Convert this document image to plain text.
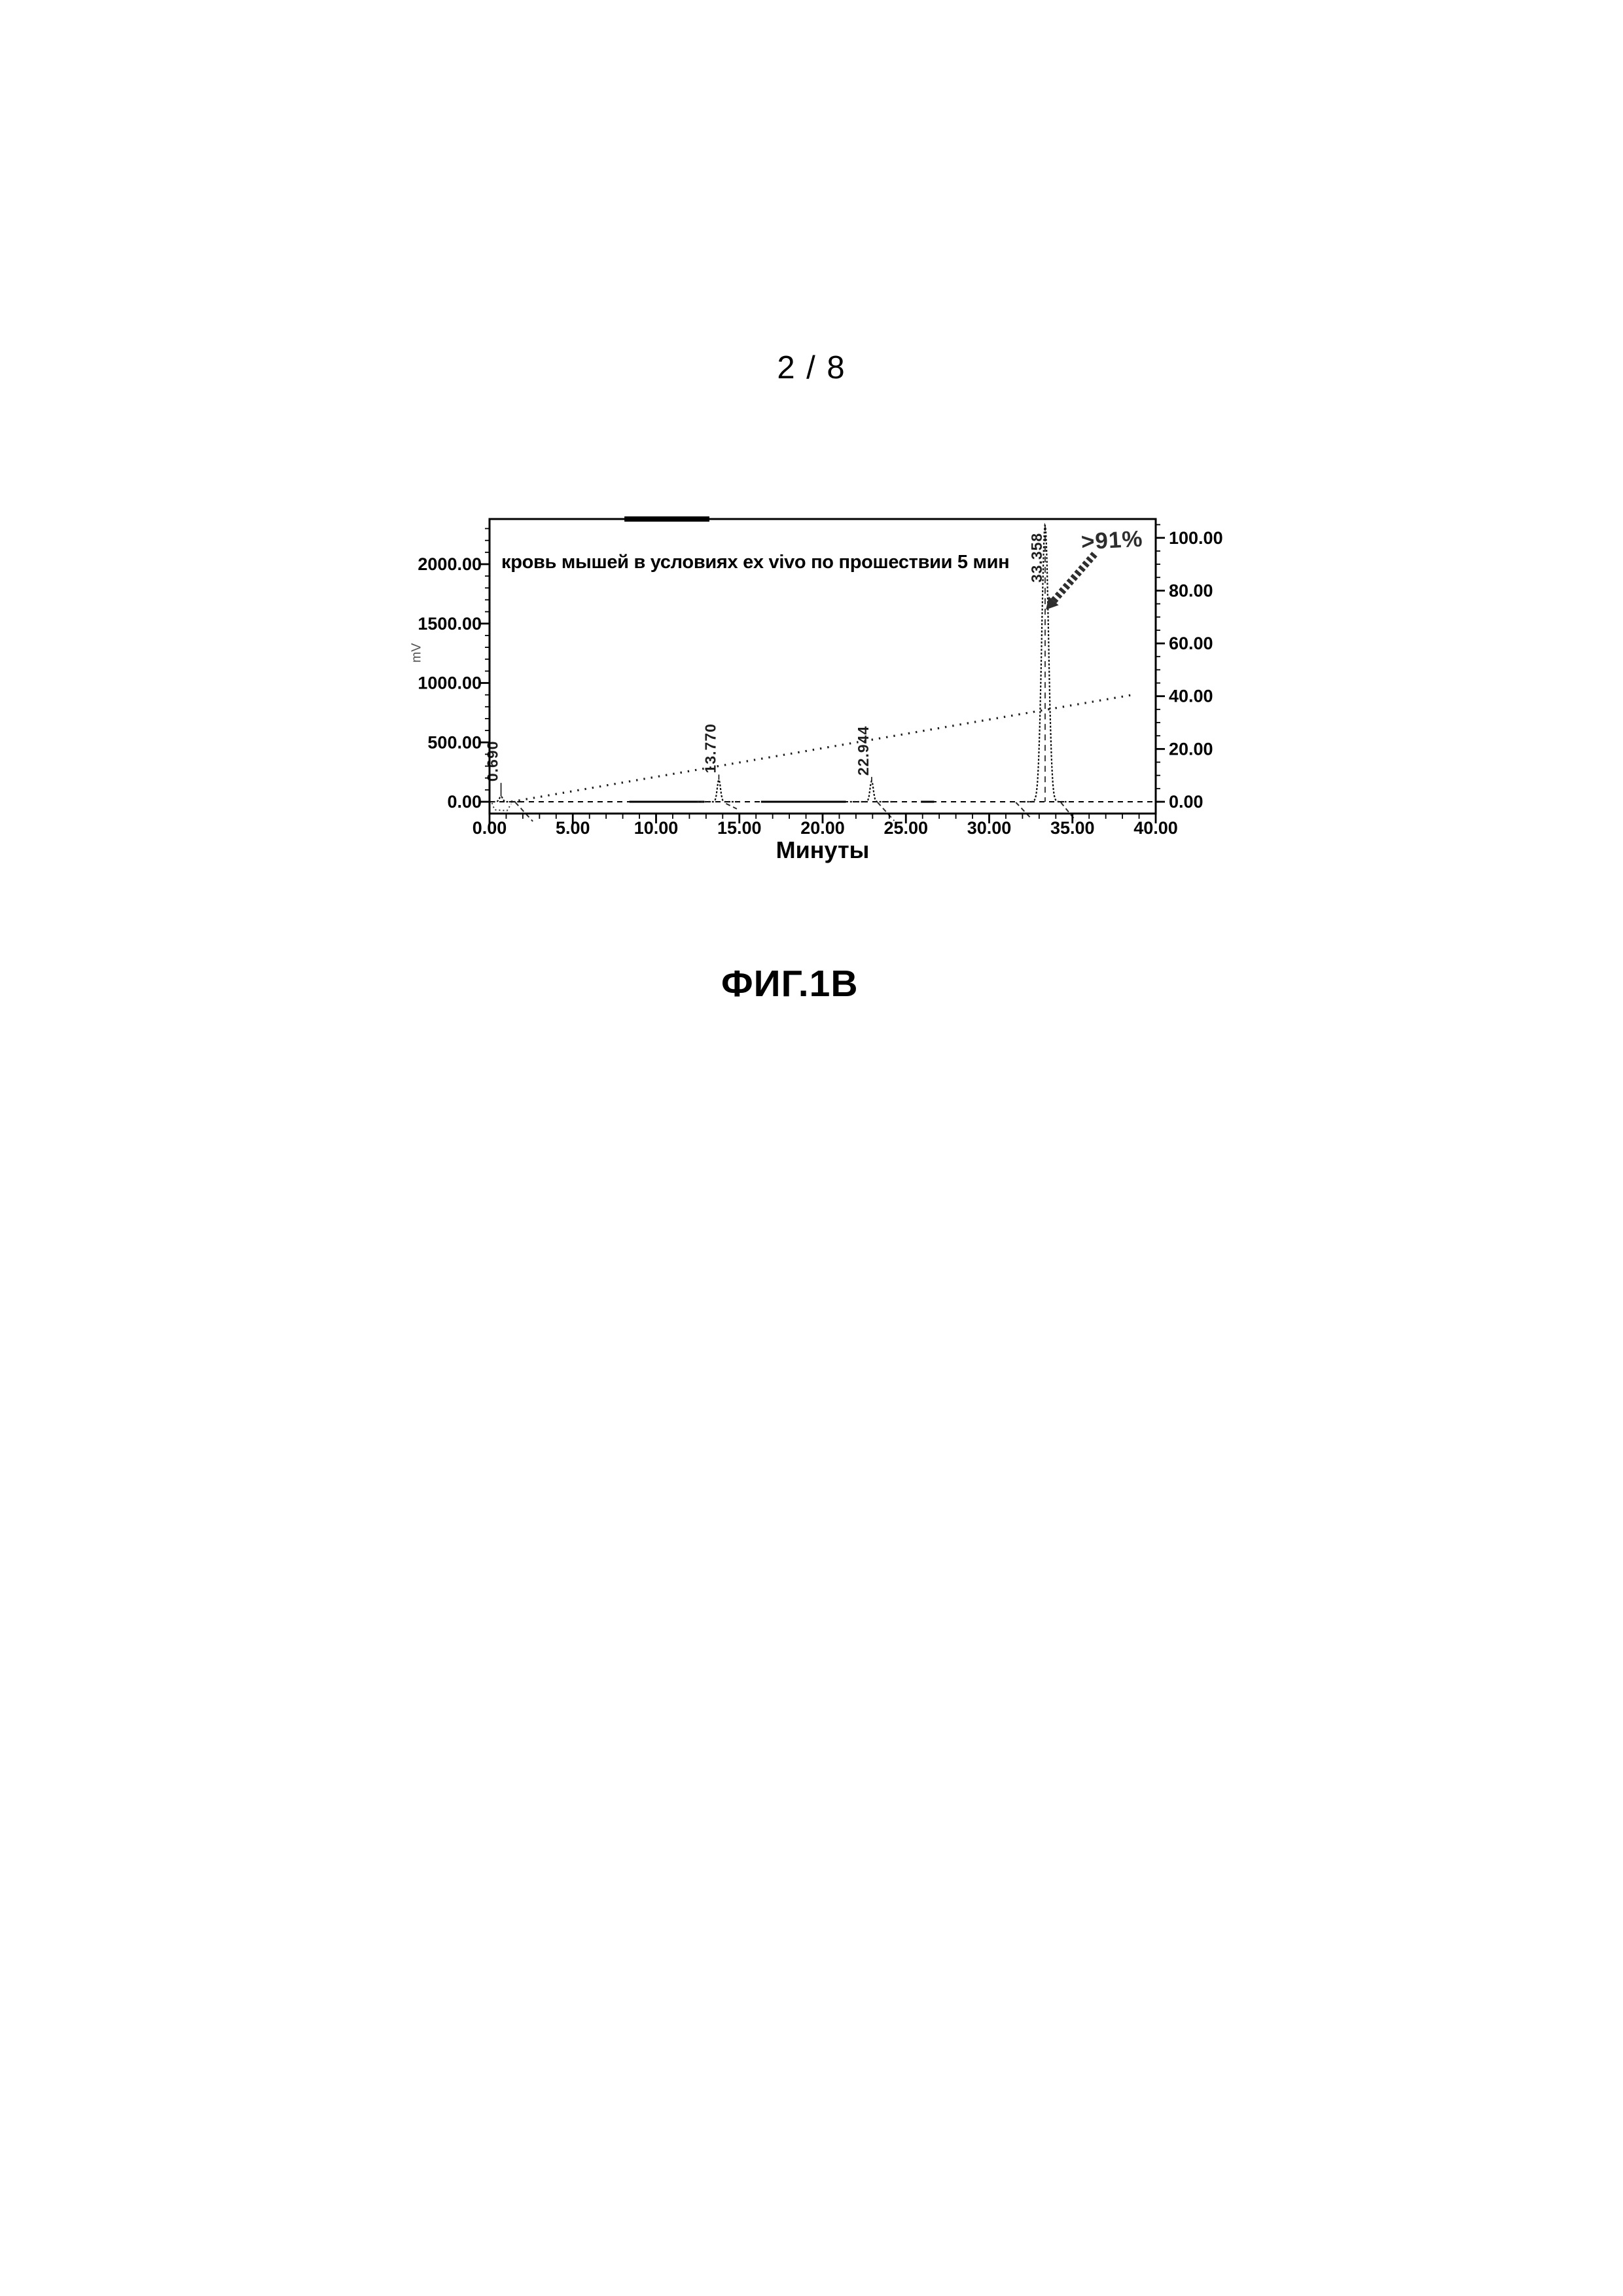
2 / 8
0.690	13.770	22.944
33.358
0.00	5.00 10.00 15.00 20.00 25.00 30.00 35.00 40.00
0.00
500.00
1000.00
1500.00
2000.00
0.00
20.00
40.00
60.00
80.00
100.00
кровь мышей в условиях ex vivo по прошествии 5 мин
>91%
mV
Минуты
ФИГ.1B
